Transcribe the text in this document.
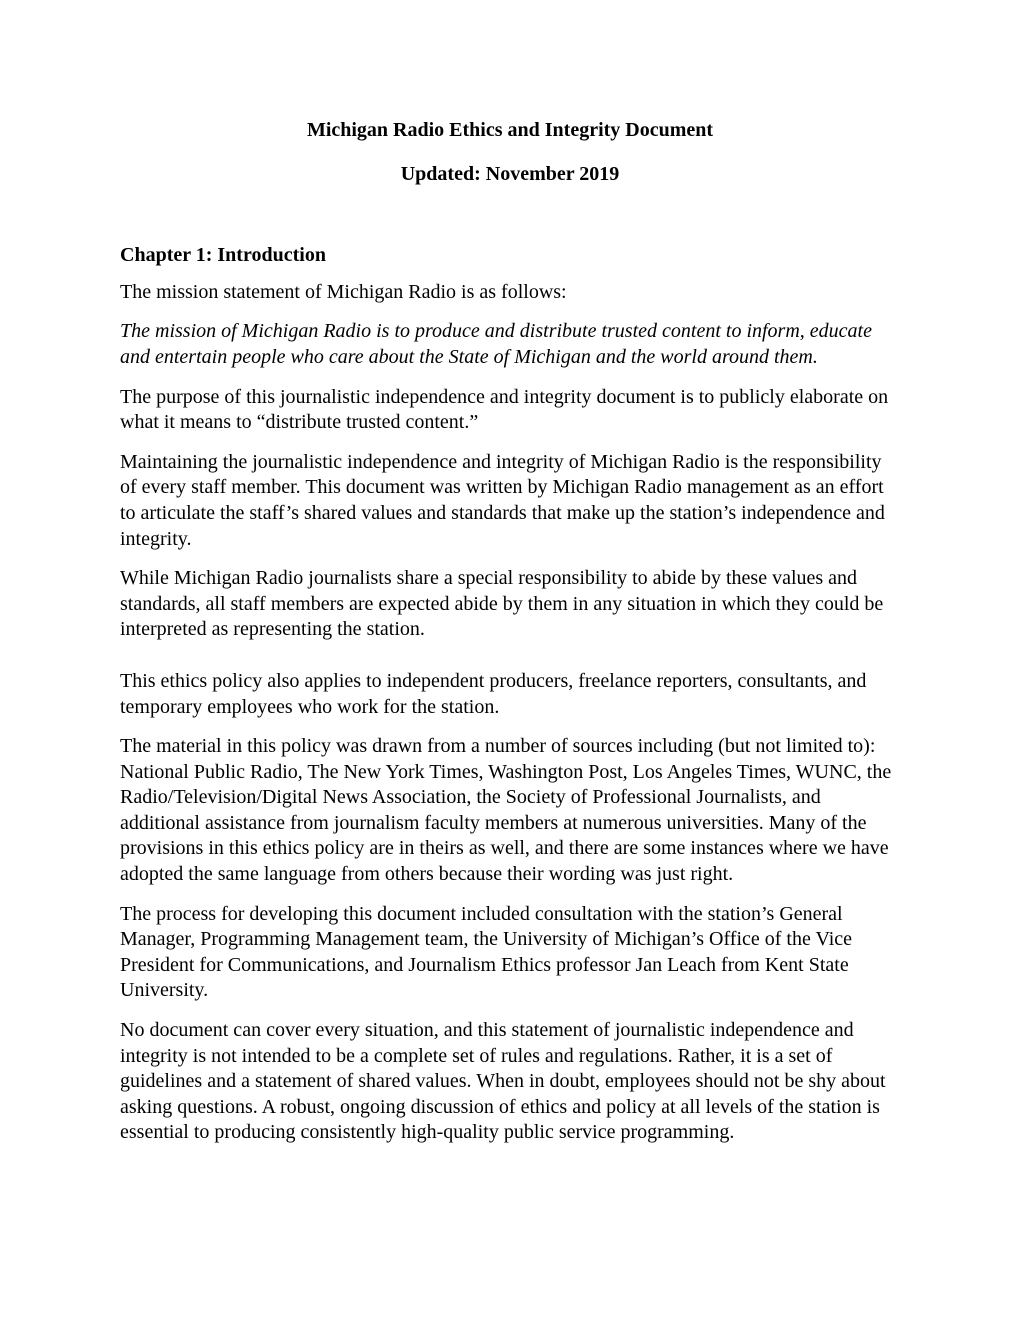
Michigan Radio Ethics and Integrity Document
Updated: November 2019
Chapter 1: Introduction

The mission statement of Michigan Radio is as follows:

The mission of Michigan Radio is to produce and distribute trusted content to inform, educate and entertain people who care about the State of Michigan and the world around them.

The purpose of this journalistic independence and integrity document is to publicly elaborate on what it means to “distribute trusted content.”

Maintaining the journalistic independence and integrity of Michigan Radio is the responsibility of every staff member. This document was written by Michigan Radio management as an effort to articulate the staff’s shared values and standards that make up the station’s independence and integrity.

While Michigan Radio journalists share a special responsibility to abide by these values and standards, all staff members are expected abide by them in any situation in which they could be interpreted as representing the station.

This ethics policy also applies to independent producers, freelance reporters, consultants, and temporary employees who work for the station.

The material in this policy was drawn from a number of sources including (but not limited to): National Public Radio, The New York Times, Washington Post, Los Angeles Times, WUNC, the Radio/Television/Digital News Association, the Society of Professional Journalists, and additional assistance from journalism faculty members at numerous universities. Many of the provisions in this ethics policy are in theirs as well, and there are some instances where we have adopted the same language from others because their wording was just right.

The process for developing this document included consultation with the station’s General Manager, Programming Management team, the University of Michigan’s Office of the Vice President for Communications, and Journalism Ethics professor Jan Leach from Kent State University.

No document can cover every situation, and this statement of journalistic independence and integrity is not intended to be a complete set of rules and regulations. Rather, it is a set of guidelines and a statement of shared values. When in doubt, employees should not be shy about asking questions. A robust, ongoing discussion of ethics and policy at all levels of the station is essential to producing consistently high-quality public service programming.
